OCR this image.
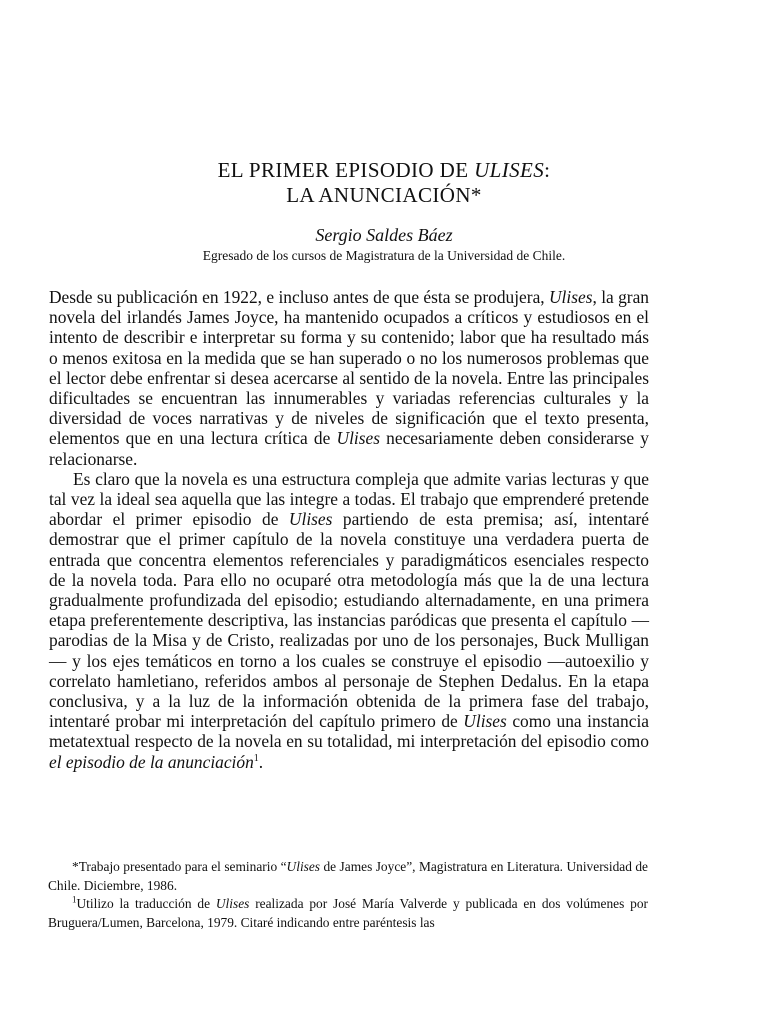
EL PRIMER EPISODIO DE ULISES:
LA ANUNCIACIÓN*
Sergio Saldes Báez
Egresado de los cursos de Magistratura de la Universidad de Chile.

Desde su publicación en 1922, e incluso antes de que ésta se produjera, Ulises, la gran novela del irlandés James Joyce, ha mantenido ocupados a críticos y estudiosos en el intento de describir e interpretar su forma y su contenido; labor que ha resultado más o menos exitosa en la medida que se han superado o no los numerosos problemas que el lector debe enfrentar si desea acercarse al sentido de la novela. Entre las principales dificultades se encuentran las innumerables y variadas referencias culturales y la diversidad de voces narrativas y de niveles de significación que el texto presenta, elementos que en una lectura crítica de Ulises necesariamente deben considerarse y relacionarse.

Es claro que la novela es una estructura compleja que admite varias lecturas y que tal vez la ideal sea aquella que las integre a todas. El trabajo que emprenderé pretende abordar el primer episodio de Ulises partiendo de esta premisa; así, intentaré demostrar que el primer capítulo de la novela constituye una verdadera puerta de entrada que concentra elementos referenciales y paradigmáticos esenciales respecto de la novela toda. Para ello no ocuparé otra metodología más que la de una lectura gradualmente profundizada del episodio; estudiando alternadamente, en una primera etapa preferentemente descriptiva, las instancias paródicas que presenta el capítulo —parodias de la Misa y de Cristo, realizadas por uno de los personajes, Buck Mulligan— y los ejes temáticos en torno a los cuales se construye el episodio —autoexilio y correlato hamletiano, referidos ambos al personaje de Stephen Dedalus. En la etapa conclusiva, y a la luz de la información obtenida de la primera fase del trabajo, intentaré probar mi interpretación del capítulo primero de Ulises como una instancia metatextual respecto de la novela en su totalidad, mi interpretación del episodio como el episodio de la anunciación$^1$.

*Trabajo presentado para el seminario “Ulises de James Joyce”, Magistratura en Literatura. Universidad de Chile. Diciembre, 1986.

$^1$Utilizo la traducción de Ulises realizada por José María Valverde y publicada en dos volúmenes por Bruguera/Lumen, Barcelona, 1979. Citaré indicando entre paréntesis las
